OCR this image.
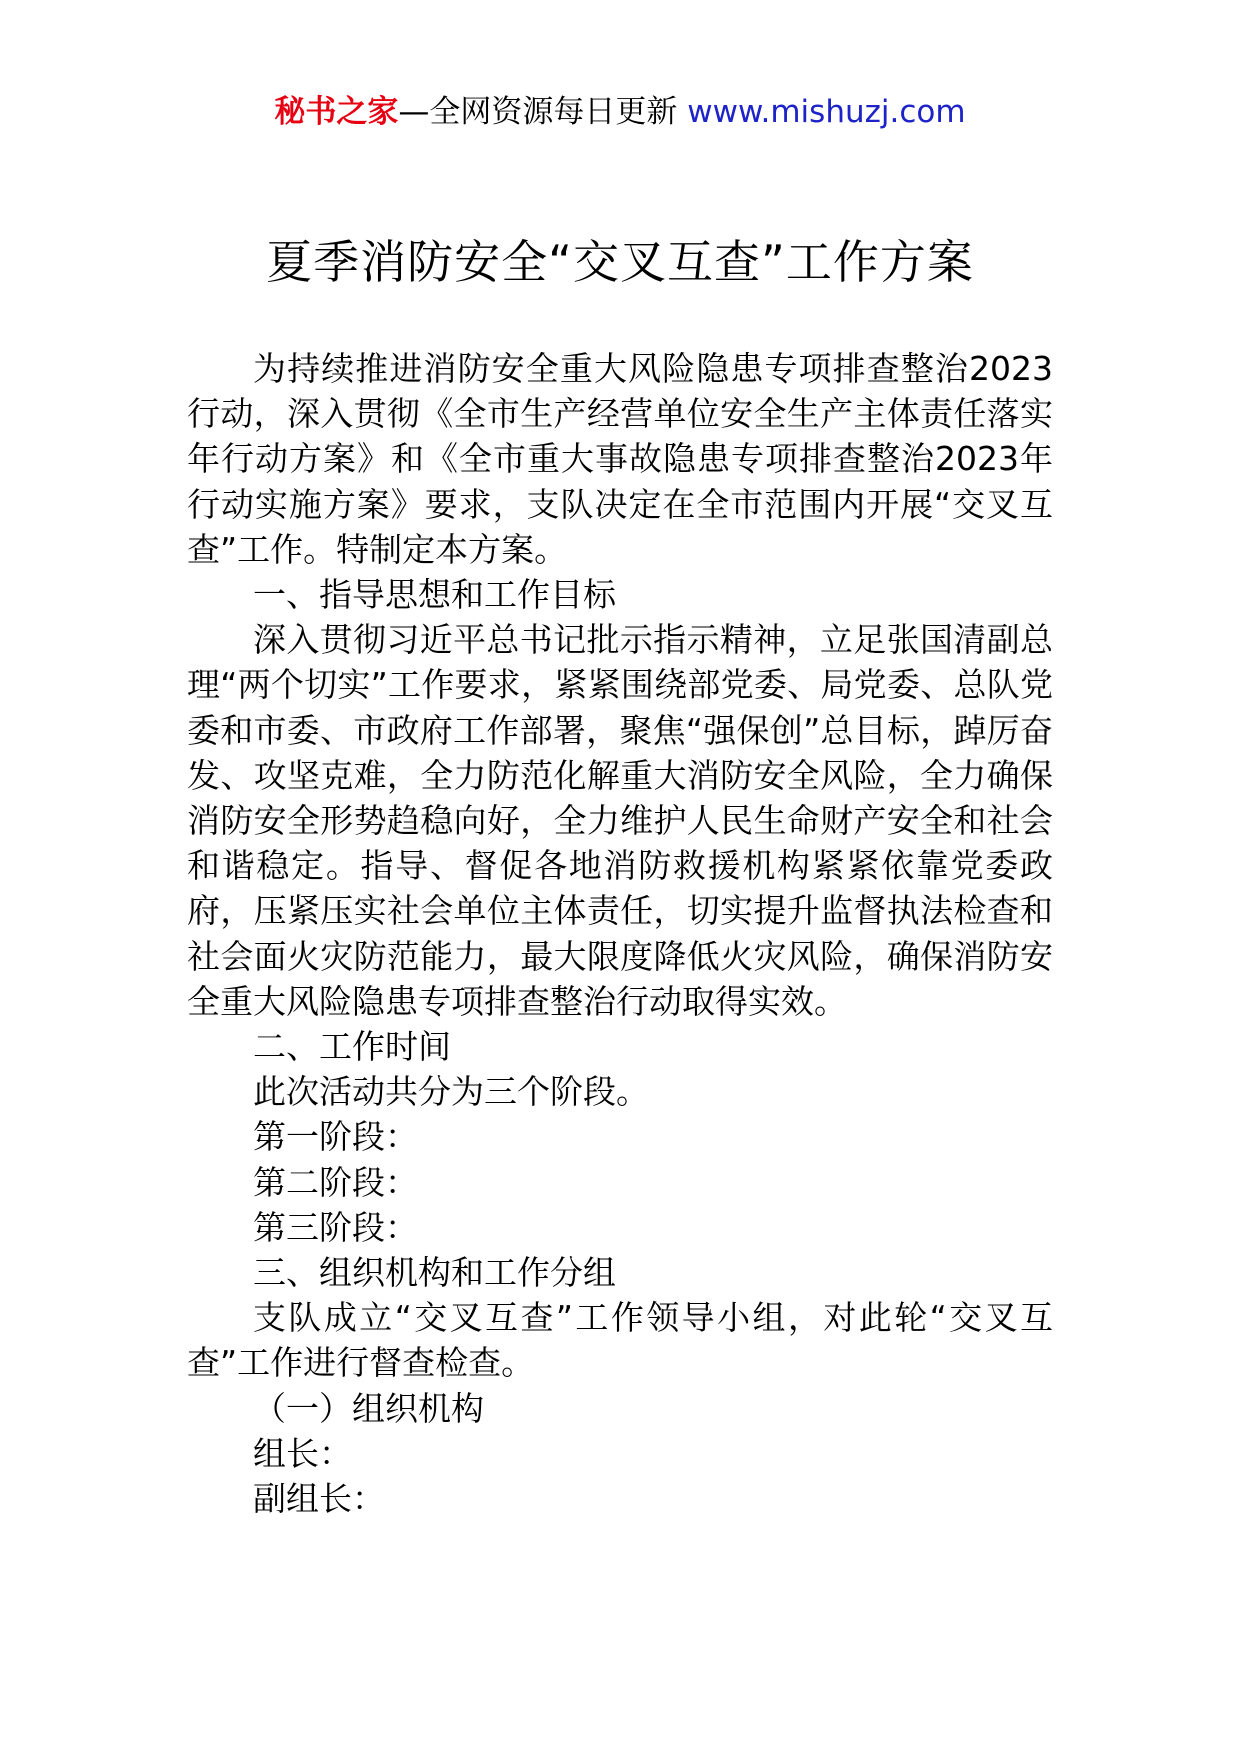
秘书之家—全网资源每日更新 www.mishuzj.com
夏季消防安全“交叉互查”工作方案

为持续推进消防安全重大风险隐患专项排查整治2023行动，深入贯彻《全市生产经营单位安全生产主体责任落实年行动方案》和《全市重大事故隐患专项排查整治2023年行动实施方案》要求，支队决定在全市范围内开展“交叉互查”工作。特制定本方案。

一、指导思想和工作目标

深入贯彻习近平总书记批示指示精神，立足张国清副总理“两个切实”工作要求，紧紧围绕部党委、局党委、总队党委和市委、市政府工作部署，聚焦“强保创”总目标，踔厉奋发、攻坚克难，全力防范化解重大消防安全风险，全力确保消防安全形势趋稳向好，全力维护人民生命财产安全和社会和谐稳定。指导、督促各地消防救援机构紧紧依靠党委政府，压紧压实社会单位主体责任，切实提升监督执法检查和社会面火灾防范能力，最大限度降低火灾风险，确保消防安全重大风险隐患专项排查整治行动取得实效。

二、工作时间

此次活动共分为三个阶段。

第一阶段：

第二阶段：

第三阶段：

三、组织机构和工作分组

支队成立“交叉互查”工作领导小组，对此轮“交叉互查”工作进行督查检查。

（一）组织机构

组长：

副组长：
